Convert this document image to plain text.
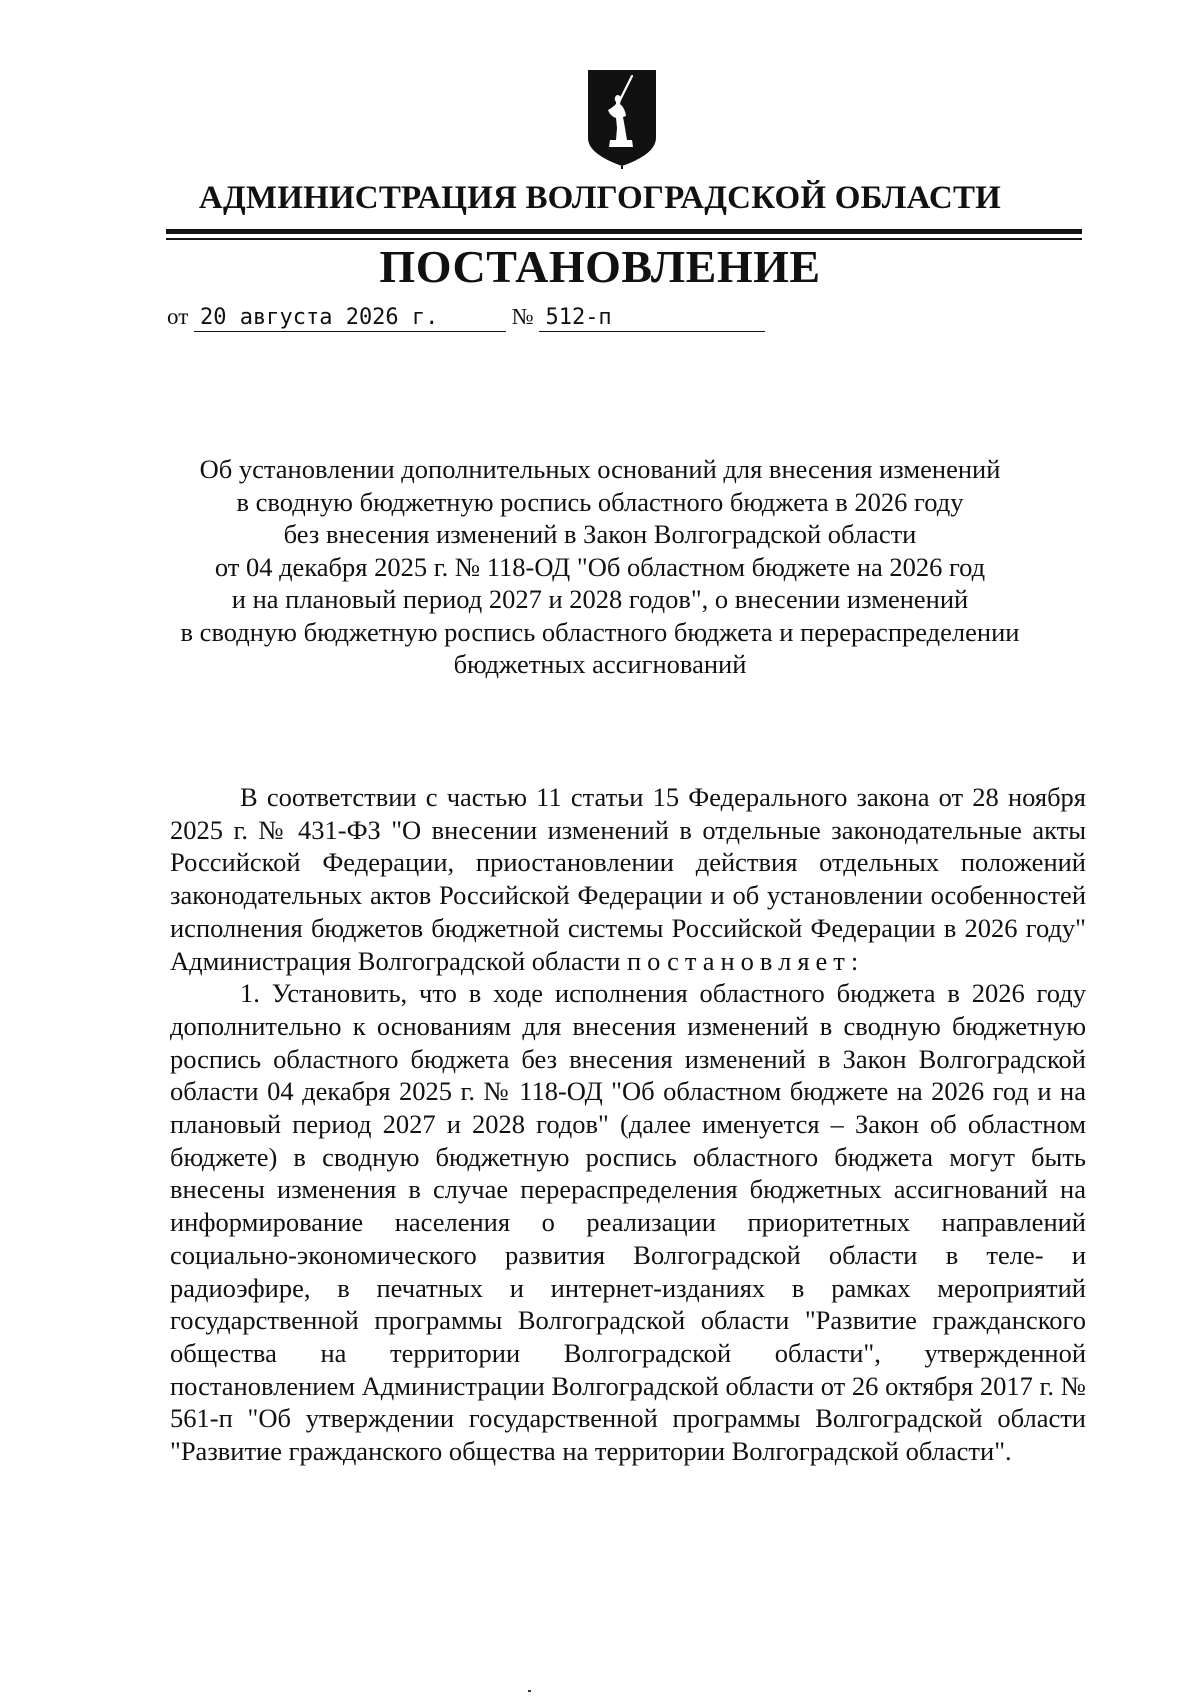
АДМИНИСТРАЦИЯ ВОЛГОГРАДСКОЙ ОБЛАСТИ
ПОСТАНОВЛЕНИЕ
от 20 августа 2026 г.	№ 512-п
Об установлении дополнительных оснований для внесения изменений
в сводную бюджетную роспись областного бюджета в 2026 году
без внесения изменений в Закон Волгоградской области
от 04 декабря 2025 г. № 118-ОД "Об областном бюджете на 2026 год
и на плановый период 2027 и 2028 годов", о внесении изменений
в сводную бюджетную роспись областного бюджета и перераспределении
бюджетных ассигнований

В соответствии с частью 11 статьи 15 Федерального закона от 28 ноября 2025 г. № 431-ФЗ "О внесении изменений в отдельные законодательные акты Российской Федерации, приостановлении действия отдельных положений законодательных актов Российской Федерации и об установлении особенностей исполнения бюджетов бюджетной системы Российской Федерации в 2026 году" Администрация Волгоградской области постановляет:

1. Установить, что в ходе исполнения областного бюджета в 2026 году дополнительно к основаниям для внесения изменений в сводную бюджетную роспись областного бюджета без внесения изменений в Закон Волгоградской области 04 декабря 2025 г. № 118-ОД "Об областном бюджете на 2026 год и на плановый период 2027 и 2028 годов" (далее именуется – Закон об областном бюджете) в сводную бюджетную роспись областного бюджета могут быть внесены изменения в случае перераспределения бюджетных ассигнований на информирование населения о реализации приоритетных направлений социально-экономического развития Волгоградской области в теле- и радиоэфире, в печатных и интернет-изданиях в рамках мероприятий государственной программы Волгоградской области "Развитие гражданского общества на территории Волгоградской области", утвержденной постановлением Администрации Волгоградской области от 26 октября 2017 г. № 561-п "Об утверждении государственной программы Волгоградской области "Развитие гражданского общества на территории Волгоградской области".
